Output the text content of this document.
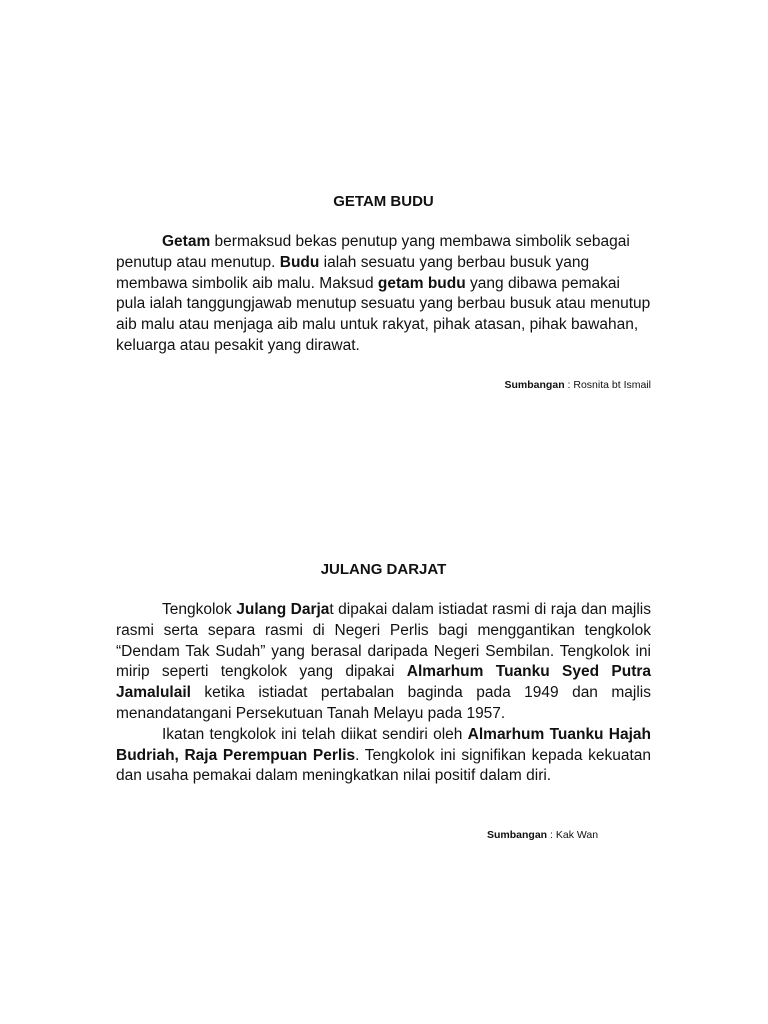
GETAM BUDU

Getam bermaksud bekas penutup yang membawa simbolik sebagai penutup atau menutup. Budu ialah sesuatu yang berbau busuk yang membawa simbolik aib malu. Maksud getam budu yang dibawa pemakai pula ialah tanggungjawab menutup sesuatu yang berbau busuk atau menutup aib malu atau menjaga aib malu untuk rakyat, pihak atasan, pihak bawahan, keluarga atau pesakit yang dirawat.

Sumbangan : Rosnita bt Ismail
JULANG DARJAT

Tengkolok Julang Darjat dipakai dalam istiadat rasmi di raja dan majlis rasmi serta separa rasmi di Negeri Perlis bagi menggantikan tengkolok “Dendam Tak Sudah” yang berasal daripada Negeri Sembilan. Tengkolok ini mirip seperti tengkolok yang dipakai Almarhum Tuanku Syed Putra Jamalulail ketika istiadat pertabalan baginda pada 1949 dan majlis menandatangani Persekutuan Tanah Melayu pada 1957.

Ikatan tengkolok ini telah diikat sendiri oleh Almarhum Tuanku Hajah Budriah, Raja Perempuan Perlis. Tengkolok ini signifikan kepada kekuatan dan usaha pemakai dalam meningkatkan nilai positif dalam diri.

Sumbangan : Kak Wan
